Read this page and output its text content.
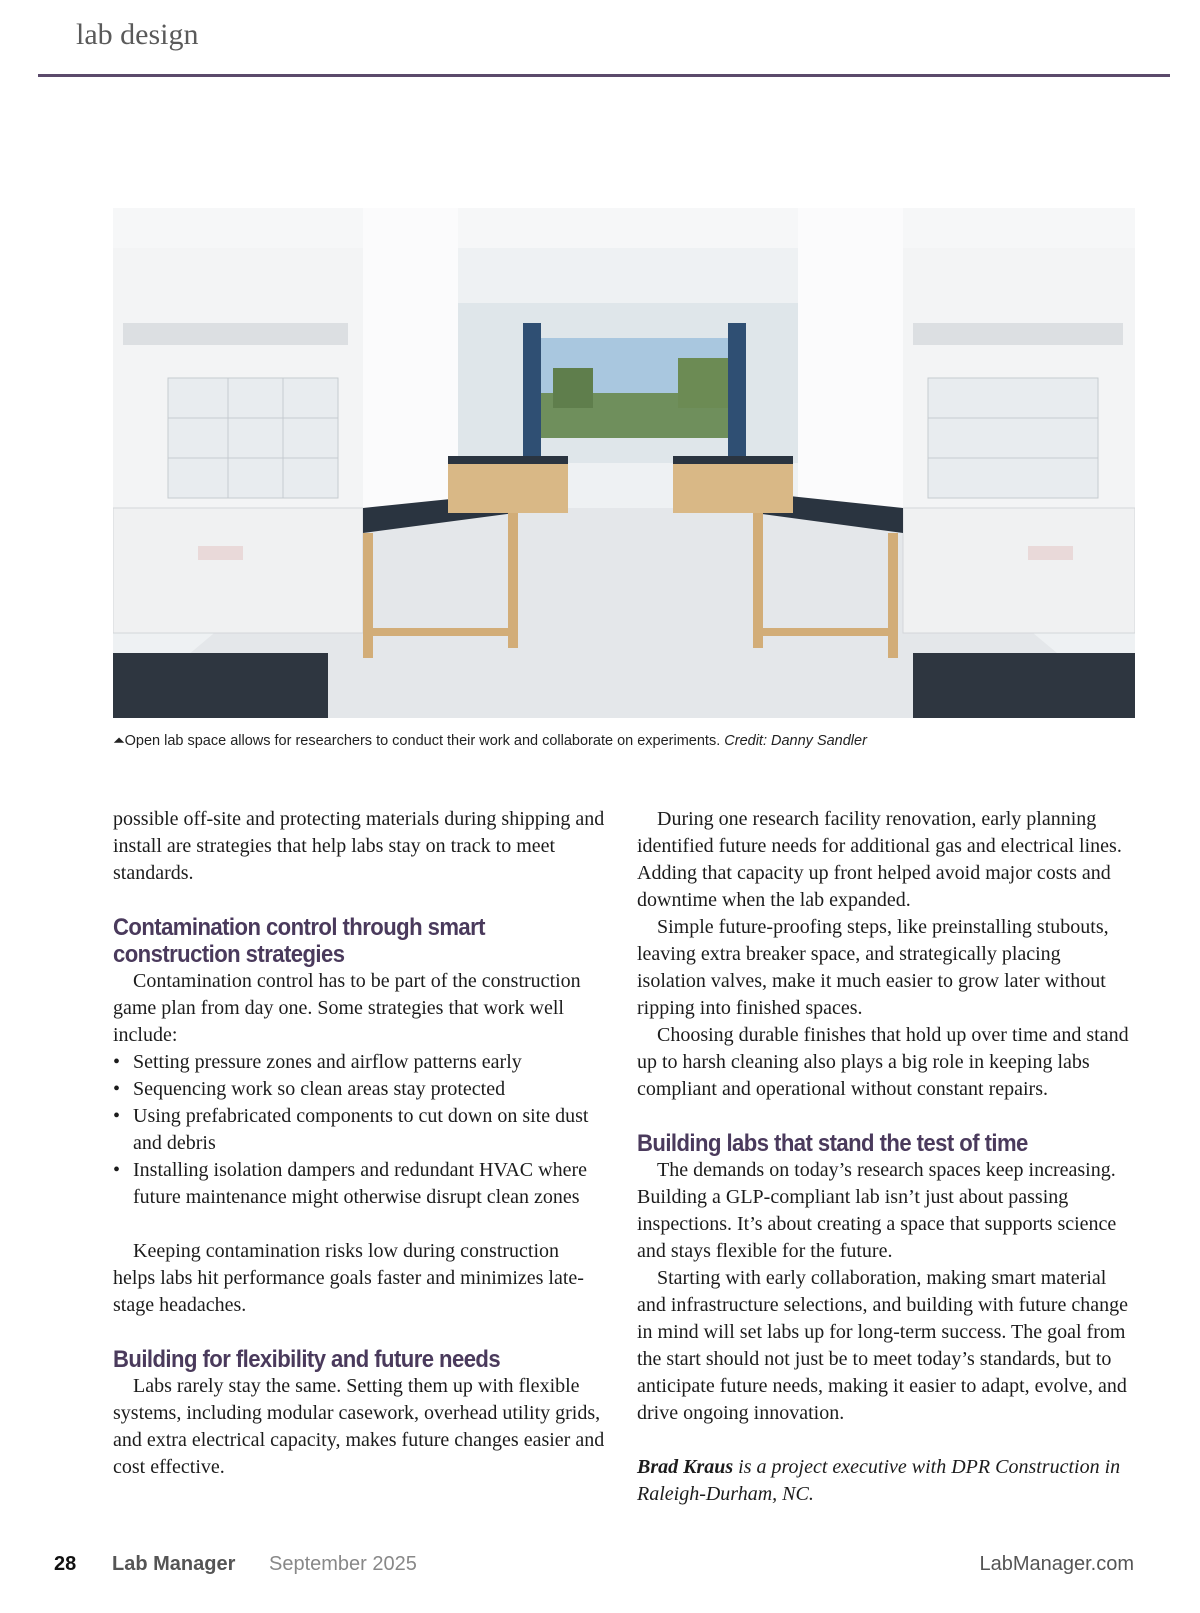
lab design
⏶Open lab space allows for researchers to conduct their work and collaborate on experiments. Credit: Danny Sandler

possible off-site and protecting materials during shipping and install are strategies that help labs stay on track to meet standards.

Contamination control through smart construction strategies

Contamination control has to be part of the construction game plan from day one. Some strategies that work well include:

• Setting pressure zones and airflow patterns early
• Sequencing work so clean areas stay protected
• Using prefabricated components to cut down on site dust and debris
• Installing isolation dampers and redundant HVAC where future maintenance might otherwise disrupt clean zones

Keeping contamination risks low during construction helps labs hit performance goals faster and minimizes late-stage headaches.

Building for flexibility and future needs

Labs rarely stay the same. Setting them up with flexible systems, including modular casework, overhead utility grids, and extra electrical capacity, makes future changes easier and cost effective.

During one research facility renovation, early planning identified future needs for additional gas and electrical lines. Adding that capacity up front helped avoid major costs and downtime when the lab expanded.

Simple future-proofing steps, like preinstalling stubouts, leaving extra breaker space, and strategically placing isolation valves, make it much easier to grow later without ripping into finished spaces.

Choosing durable finishes that hold up over time and stand up to harsh cleaning also plays a big role in keeping labs compliant and operational without constant repairs.

Building labs that stand the test of time

The demands on today’s research spaces keep increasing. Building a GLP-compliant lab isn’t just about passing inspections. It’s about creating a space that supports science and stays flexible for the future.

Starting with early collaboration, making smart material and infrastructure selections, and building with future change in mind will set labs up for long-term success. The goal from the start should not just be to meet today’s standards, but to anticipate future needs, making it easier to adapt, evolve, and drive ongoing innovation.

Brad Kraus is a project executive with DPR Construction in Raleigh-Durham, NC.

28 Lab Manager September 2025	LabManager.com
